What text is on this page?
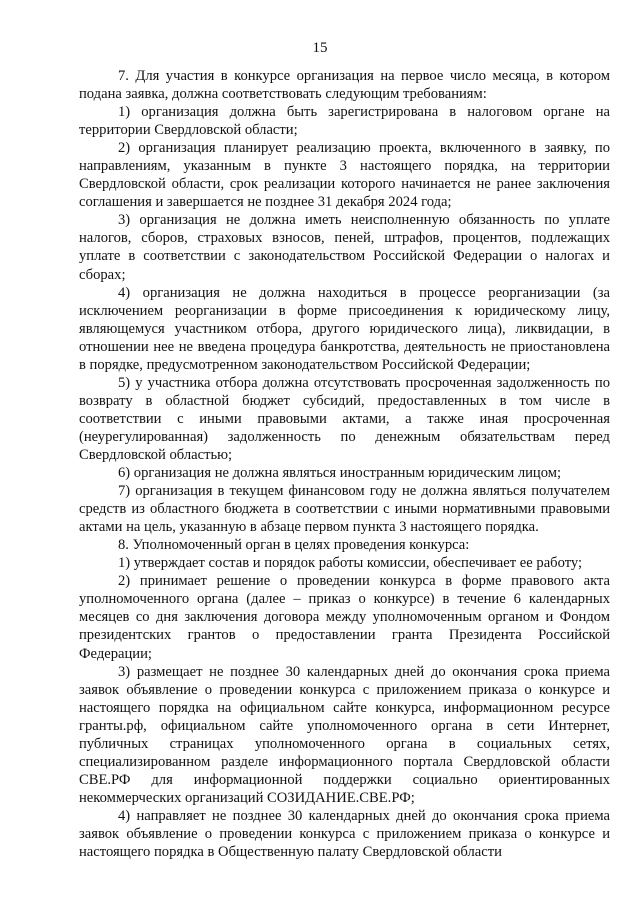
15

7. Для участия в конкурсе организация на первое число месяца, в котором подана заявка, должна соответствовать следующим требованиям:

1) организация должна быть зарегистрирована в налоговом органе на территории Свердловской области;

2) организация планирует реализацию проекта, включенного в заявку, по направлениям, указанным в пункте 3 настоящего порядка, на территории Свердловской области, срок реализации которого начинается не ранее заключения соглашения и завершается не позднее 31 декабря 2024 года;

3) организация не должна иметь неисполненную обязанность по уплате налогов, сборов, страховых взносов, пеней, штрафов, процентов, подлежащих уплате в соответствии с законодательством Российской Федерации о налогах и сборах;

4) организация не должна находиться в процессе реорганизации (за исключением реорганизации в форме присоединения к юридическому лицу, являющемуся участником отбора, другого юридического лица), ликвидации, в отношении нее не введена процедура банкротства, деятельность не приостановлена в порядке, предусмотренном законодательством Российской Федерации;

5) у участника отбора должна отсутствовать просроченная задолженность по возврату в областной бюджет субсидий, предоставленных в том числе в соответствии с иными правовыми актами, а также иная просроченная (неурегулированная) задолженность по денежным обязательствам перед Свердловской областью;

6) организация не должна являться иностранным юридическим лицом;

7) организация в текущем финансовом году не должна являться получателем средств из областного бюджета в соответствии с иными нормативными правовыми актами на цель, указанную в абзаце первом пункта 3 настоящего порядка.

8. Уполномоченный орган в целях проведения конкурса:

1) утверждает состав и порядок работы комиссии, обеспечивает ее работу;

2) принимает решение о проведении конкурса в форме правового акта уполномоченного органа (далее – приказ о конкурсе) в течение 6 календарных месяцев со дня заключения договора между уполномоченным органом и Фондом президентских грантов о предоставлении гранта Президента Российской Федерации;

3) размещает не позднее 30 календарных дней до окончания срока приема заявок объявление о проведении конкурса с приложением приказа о конкурсе и настоящего порядка на официальном сайте конкурса, информационном ресурсе гранты.рф, официальном сайте уполномоченного органа в сети Интернет, публичных страницах уполномоченного органа в социальных сетях, специализированном разделе информационного портала Свердловской области СВЕ.РФ для информационной поддержки социально ориентированных некоммерческих организаций СОЗИДАНИЕ.СВЕ.РФ;

4) направляет не позднее 30 календарных дней до окончания срока приема заявок объявление о проведении конкурса с приложением приказа о конкурсе и настоящего порядка в Общественную палату Свердловской области
